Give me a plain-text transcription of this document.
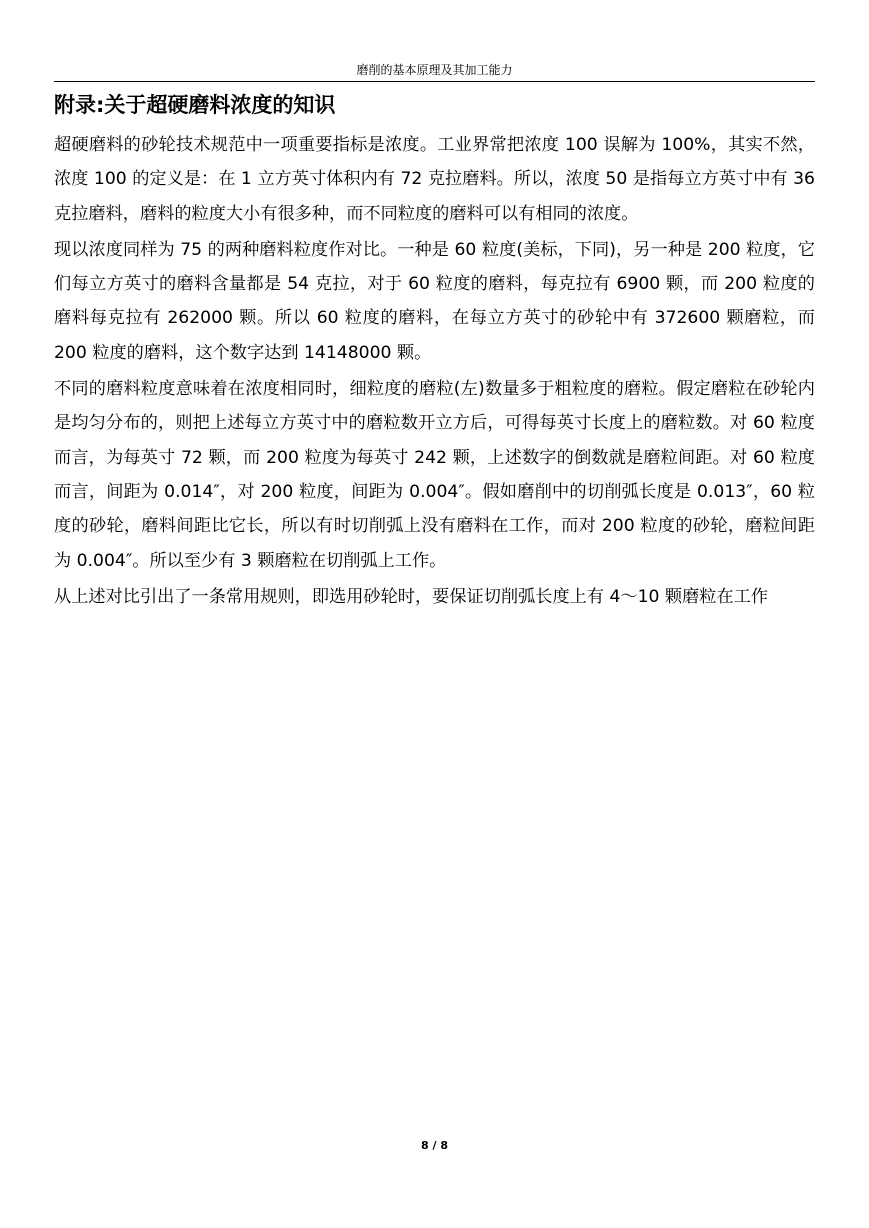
磨削的基本原理及其加工能力
附录:关于超硬磨料浓度的知识

超硬磨料的砂轮技术规范中一项重要指标是浓度。工业界常把浓度 100 误解为 100%，其实不然，浓度 100 的定义是：在 1 立方英寸体积内有 72 克拉磨料。所以，浓度 50 是指每立方英寸中有 36 克拉磨料，磨料的粒度大小有很多种，而不同粒度的磨料可以有相同的浓度。

现以浓度同样为 75 的两种磨料粒度作对比。一种是 60 粒度(美标，下同)，另一种是 200 粒度，它们每立方英寸的磨料含量都是 54 克拉，对于 60 粒度的磨料，每克拉有 6900 颗，而 200 粒度的磨料每克拉有 262000 颗。所以 60 粒度的磨料，在每立方英寸的砂轮中有 372600 颗磨粒，而 200 粒度的磨料，这个数字达到 14148000 颗。

不同的磨料粒度意味着在浓度相同时，细粒度的磨粒(左)数量多于粗粒度的磨粒。假定磨粒在砂轮内是均匀分布的，则把上述每立方英寸中的磨粒数开立方后，可得每英寸长度上的磨粒数。对 60 粒度而言，为每英寸 72 颗，而 200 粒度为每英寸 242 颗，上述数字的倒数就是磨粒间距。对 60 粒度而言，间距为 0.014″，对 200 粒度，间距为 0.004″。假如磨削中的切削弧长度是 0.013″，60 粒度的砂轮，磨料间距比它长，所以有时切削弧上没有磨料在工作，而对 200 粒度的砂轮，磨粒间距为 0.004″。所以至少有 3 颗磨粒在切削弧上工作。

从上述对比引出了一条常用规则，即选用砂轮时，要保证切削弧长度上有 4～10 颗磨粒在工作

8 / 8
